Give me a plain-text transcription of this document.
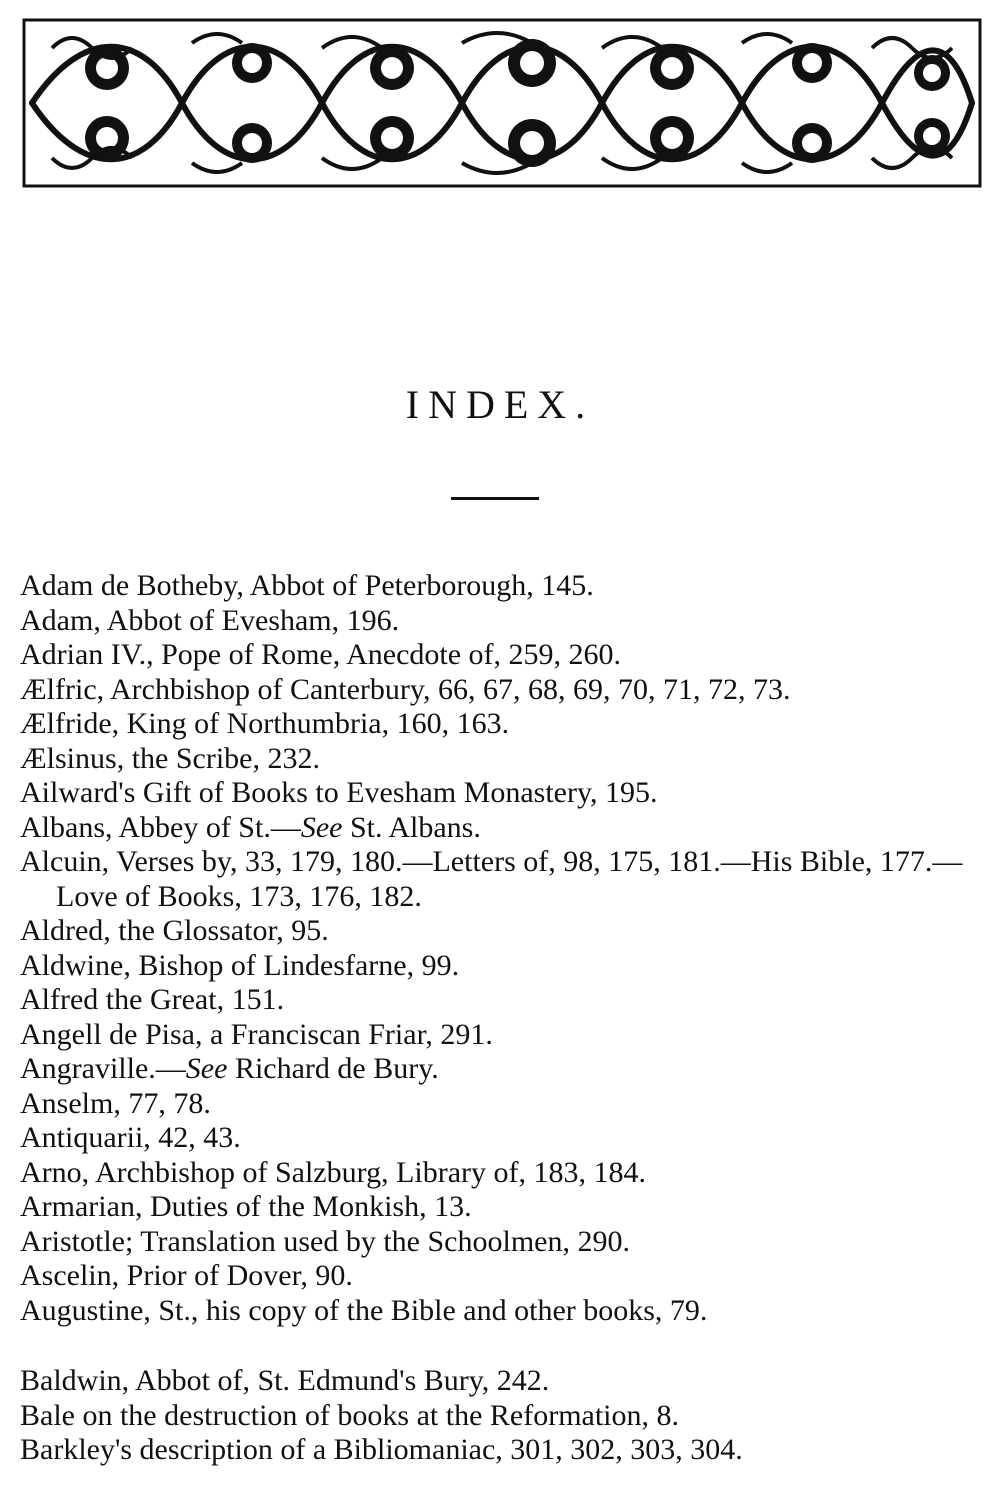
INDEX.
Adam de Botheby, Abbot of Peterborough, 145.
Adam, Abbot of Evesham, 196.
Adrian IV., Pope of Rome, Anecdote of, 259, 260.
Ælfric, Archbishop of Canterbury, 66, 67, 68, 69, 70, 71, 72, 73.
Ælfride, King of Northumbria, 160, 163.
Ælsinus, the Scribe, 232.
Ailward's Gift of Books to Evesham Monastery, 195.
Albans, Abbey of St.—See St. Albans.
Alcuin, Verses by, 33, 179, 180.—Letters of, 98, 175, 181.—His Bible, 177.—Love of Books, 173, 176, 182.
Aldred, the Glossator, 95.
Aldwine, Bishop of Lindesfarne, 99.
Alfred the Great, 151.
Angell de Pisa, a Franciscan Friar, 291.
Angraville.—See Richard de Bury.
Anselm, 77, 78.
Antiquarii, 42, 43.
Arno, Archbishop of Salzburg, Library of, 183, 184.
Armarian, Duties of the Monkish, 13.
Aristotle; Translation used by the Schoolmen, 290.
Ascelin, Prior of Dover, 90.
Augustine, St., his copy of the Bible and other books, 79.
Baldwin, Abbot of, St. Edmund's Bury, 242.
Bale on the destruction of books at the Reformation, 8.
Barkley's description of a Bibliomaniac, 301, 302, 303, 304.
